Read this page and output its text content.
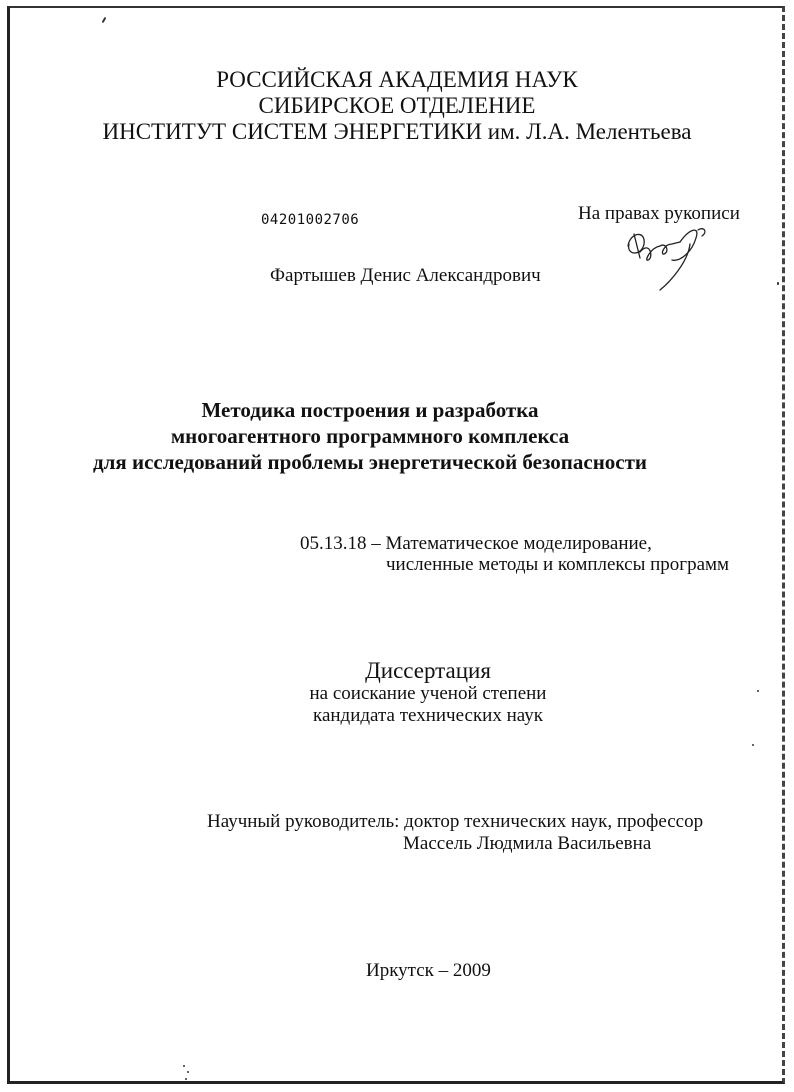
РОССИЙСКАЯ АКАДЕМИЯ НАУК
СИБИРСКОЕ ОТДЕЛЕНИЕ
ИНСТИТУТ СИСТЕМ ЭНЕРГЕТИКИ им. Л.А. Мелентьева
04201002706	На правах рукописи
Фартышев Денис Александрович
Методика построения и разработка
многоагентного программного комплекса
для исследований проблемы энергетической безопасности
05.13.18 – Математическое моделирование,
численные методы и комплексы программ
Диссертация
на соискание ученой степени
кандидата технических наук
Научный руководитель: доктор технических наук, профессор
Массель Людмила Васильевна
Иркутск – 2009
